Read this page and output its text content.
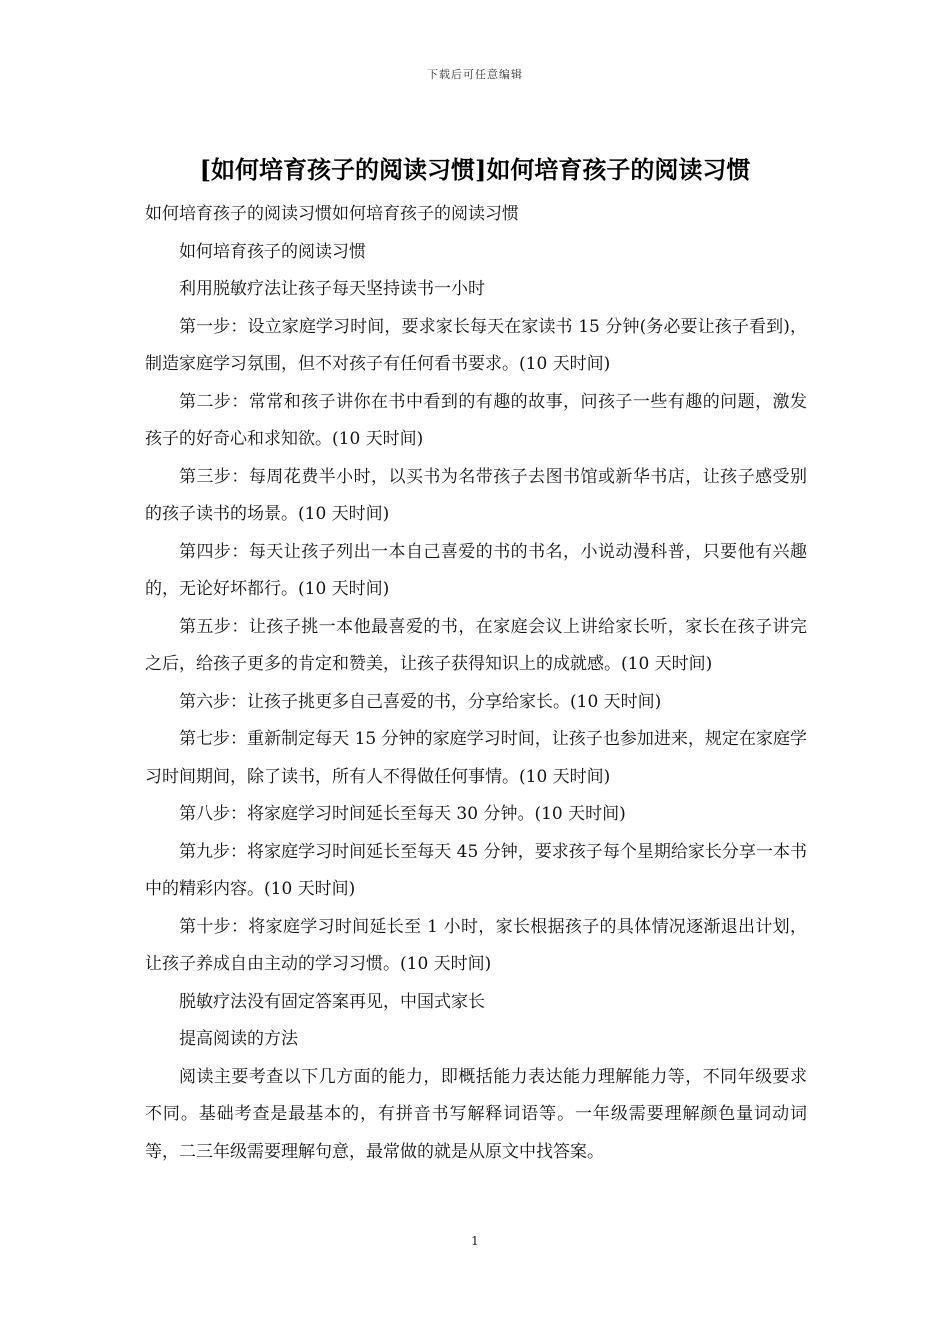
下载后可任意编辑
[如何培育孩子的阅读习惯]如何培育孩子的阅读习惯

如何培育孩子的阅读习惯如何培育孩子的阅读习惯

如何培育孩子的阅读习惯

利用脱敏疗法让孩子每天坚持读书一小时

第一步：设立家庭学习时间，要求家长每天在家读书 15 分钟(务必要让孩子看到)，制造家庭学习氛围，但不对孩子有任何看书要求。(10 天时间)

第二步：常常和孩子讲你在书中看到的有趣的故事，问孩子一些有趣的问题，激发孩子的好奇心和求知欲。(10 天时间)

第三步：每周花费半小时，以买书为名带孩子去图书馆或新华书店，让孩子感受别的孩子读书的场景。(10 天时间)

第四步：每天让孩子列出一本自己喜爱的书的书名，小说动漫科普，只要他有兴趣的，无论好坏都行。(10 天时间)

第五步：让孩子挑一本他最喜爱的书，在家庭会议上讲给家长听，家长在孩子讲完之后，给孩子更多的肯定和赞美，让孩子获得知识上的成就感。(10 天时间)

第六步：让孩子挑更多自己喜爱的书，分享给家长。(10 天时间)

第七步：重新制定每天 15 分钟的家庭学习时间，让孩子也参加进来，规定在家庭学习时间期间，除了读书，所有人不得做任何事情。(10 天时间)

第八步：将家庭学习时间延长至每天 30 分钟。(10 天时间)

第九步：将家庭学习时间延长至每天 45 分钟，要求孩子每个星期给家长分享一本书中的精彩内容。(10 天时间)

第十步：将家庭学习时间延长至 1 小时，家长根据孩子的具体情况逐渐退出计划，让孩子养成自由主动的学习习惯。(10 天时间)

脱敏疗法没有固定答案再见，中国式家长

提高阅读的方法

阅读主要考查以下几方面的能力，即概括能力表达能力理解能力等，不同年级要求不同。基础考查是最基本的，有拼音书写解释词语等。一年级需要理解颜色量词动词等，二三年级需要理解句意，最常做的就是从原文中找答案。

1
